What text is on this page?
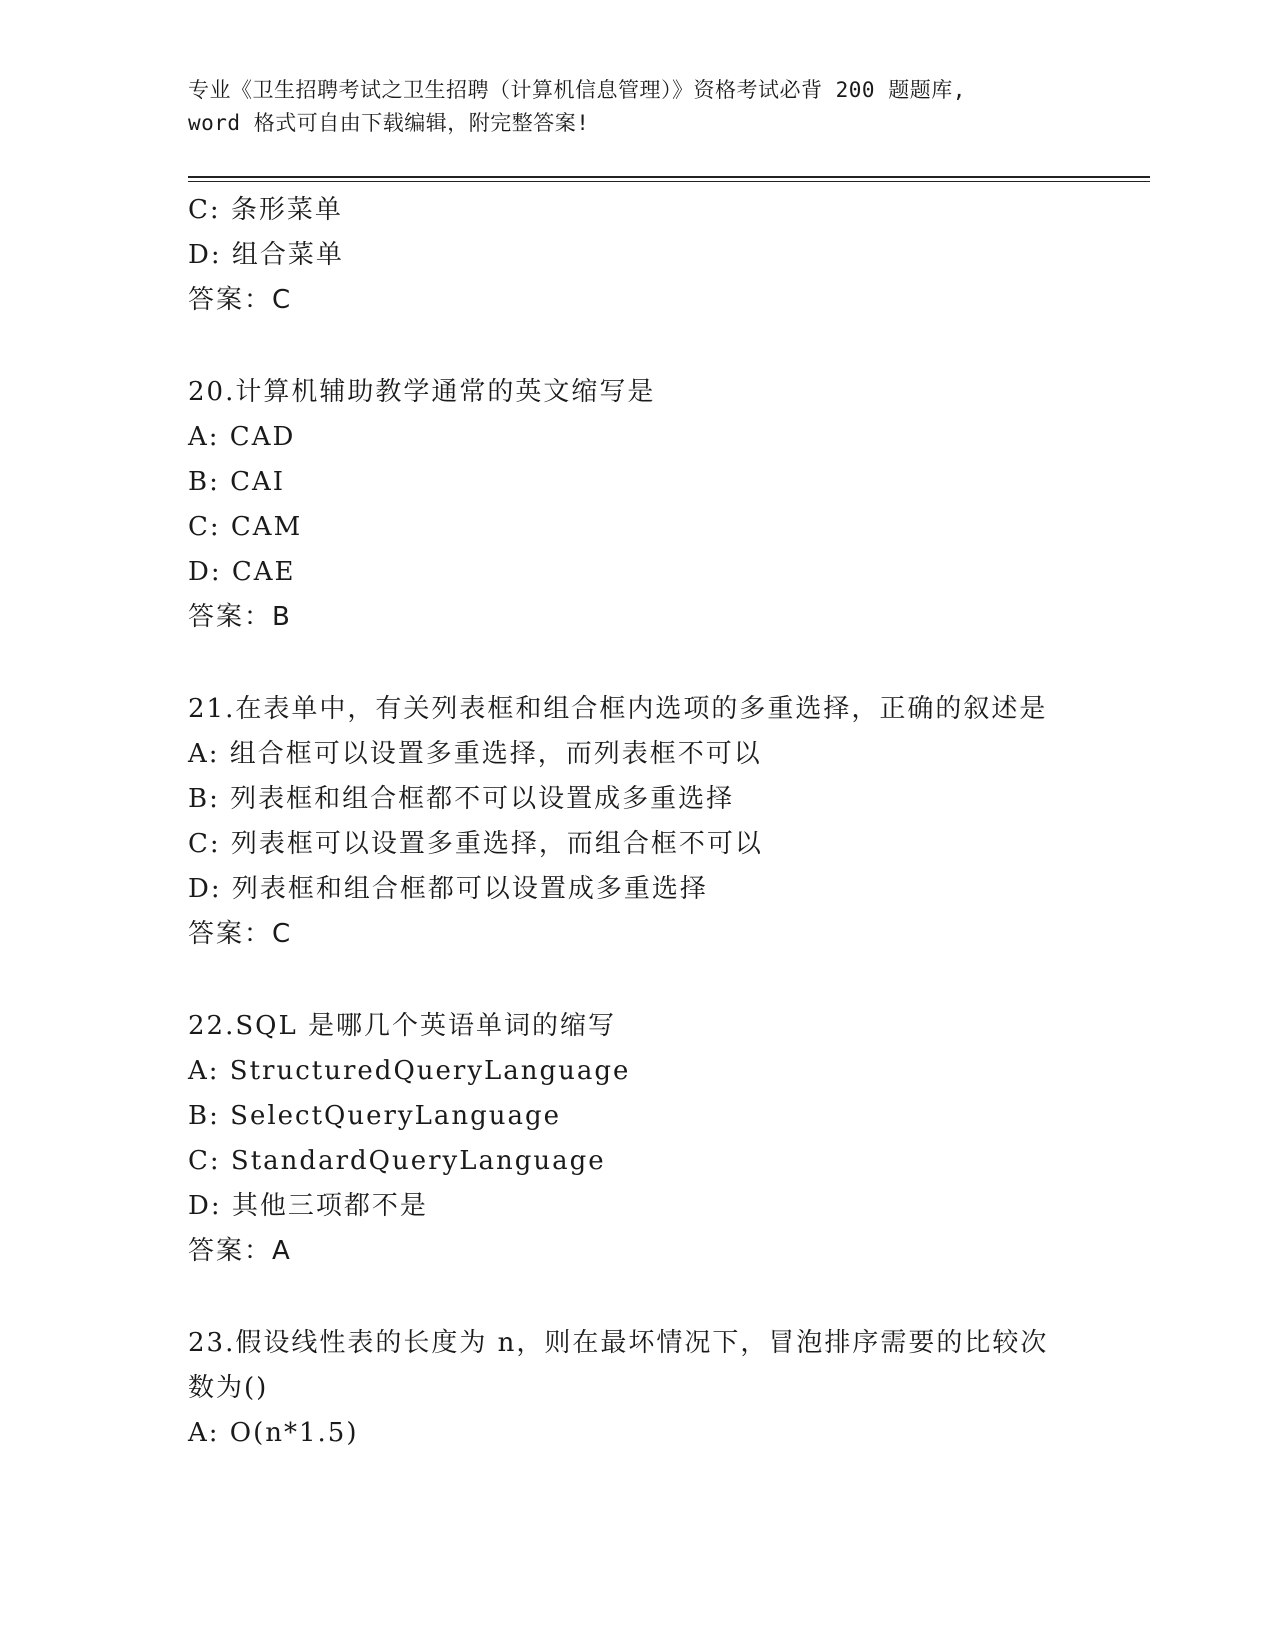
专业《卫生招聘考试之卫生招聘（计算机信息管理）》资格考试必背 200 题题库,
word 格式可自由下载编辑，附完整答案!
C: 条形菜单
D: 组合菜单
答案：C
20.计算机辅助教学通常的英文缩写是
A: CAD
B: CAI
C: CAM
D: CAE
答案：B
21.在表单中，有关列表框和组合框内选项的多重选择，正确的叙述是
A: 组合框可以设置多重选择，而列表框不可以
B: 列表框和组合框都不可以设置成多重选择
C: 列表框可以设置多重选择，而组合框不可以
D: 列表框和组合框都可以设置成多重选择
答案：C
22.SQL 是哪几个英语单词的缩写
A: StructuredQueryLanguage
B: SelectQueryLanguage
C: StandardQueryLanguage
D: 其他三项都不是
答案：A
23.假设线性表的长度为 n，则在最坏情况下，冒泡排序需要的比较次
数为()
A: O(n*1.5)
